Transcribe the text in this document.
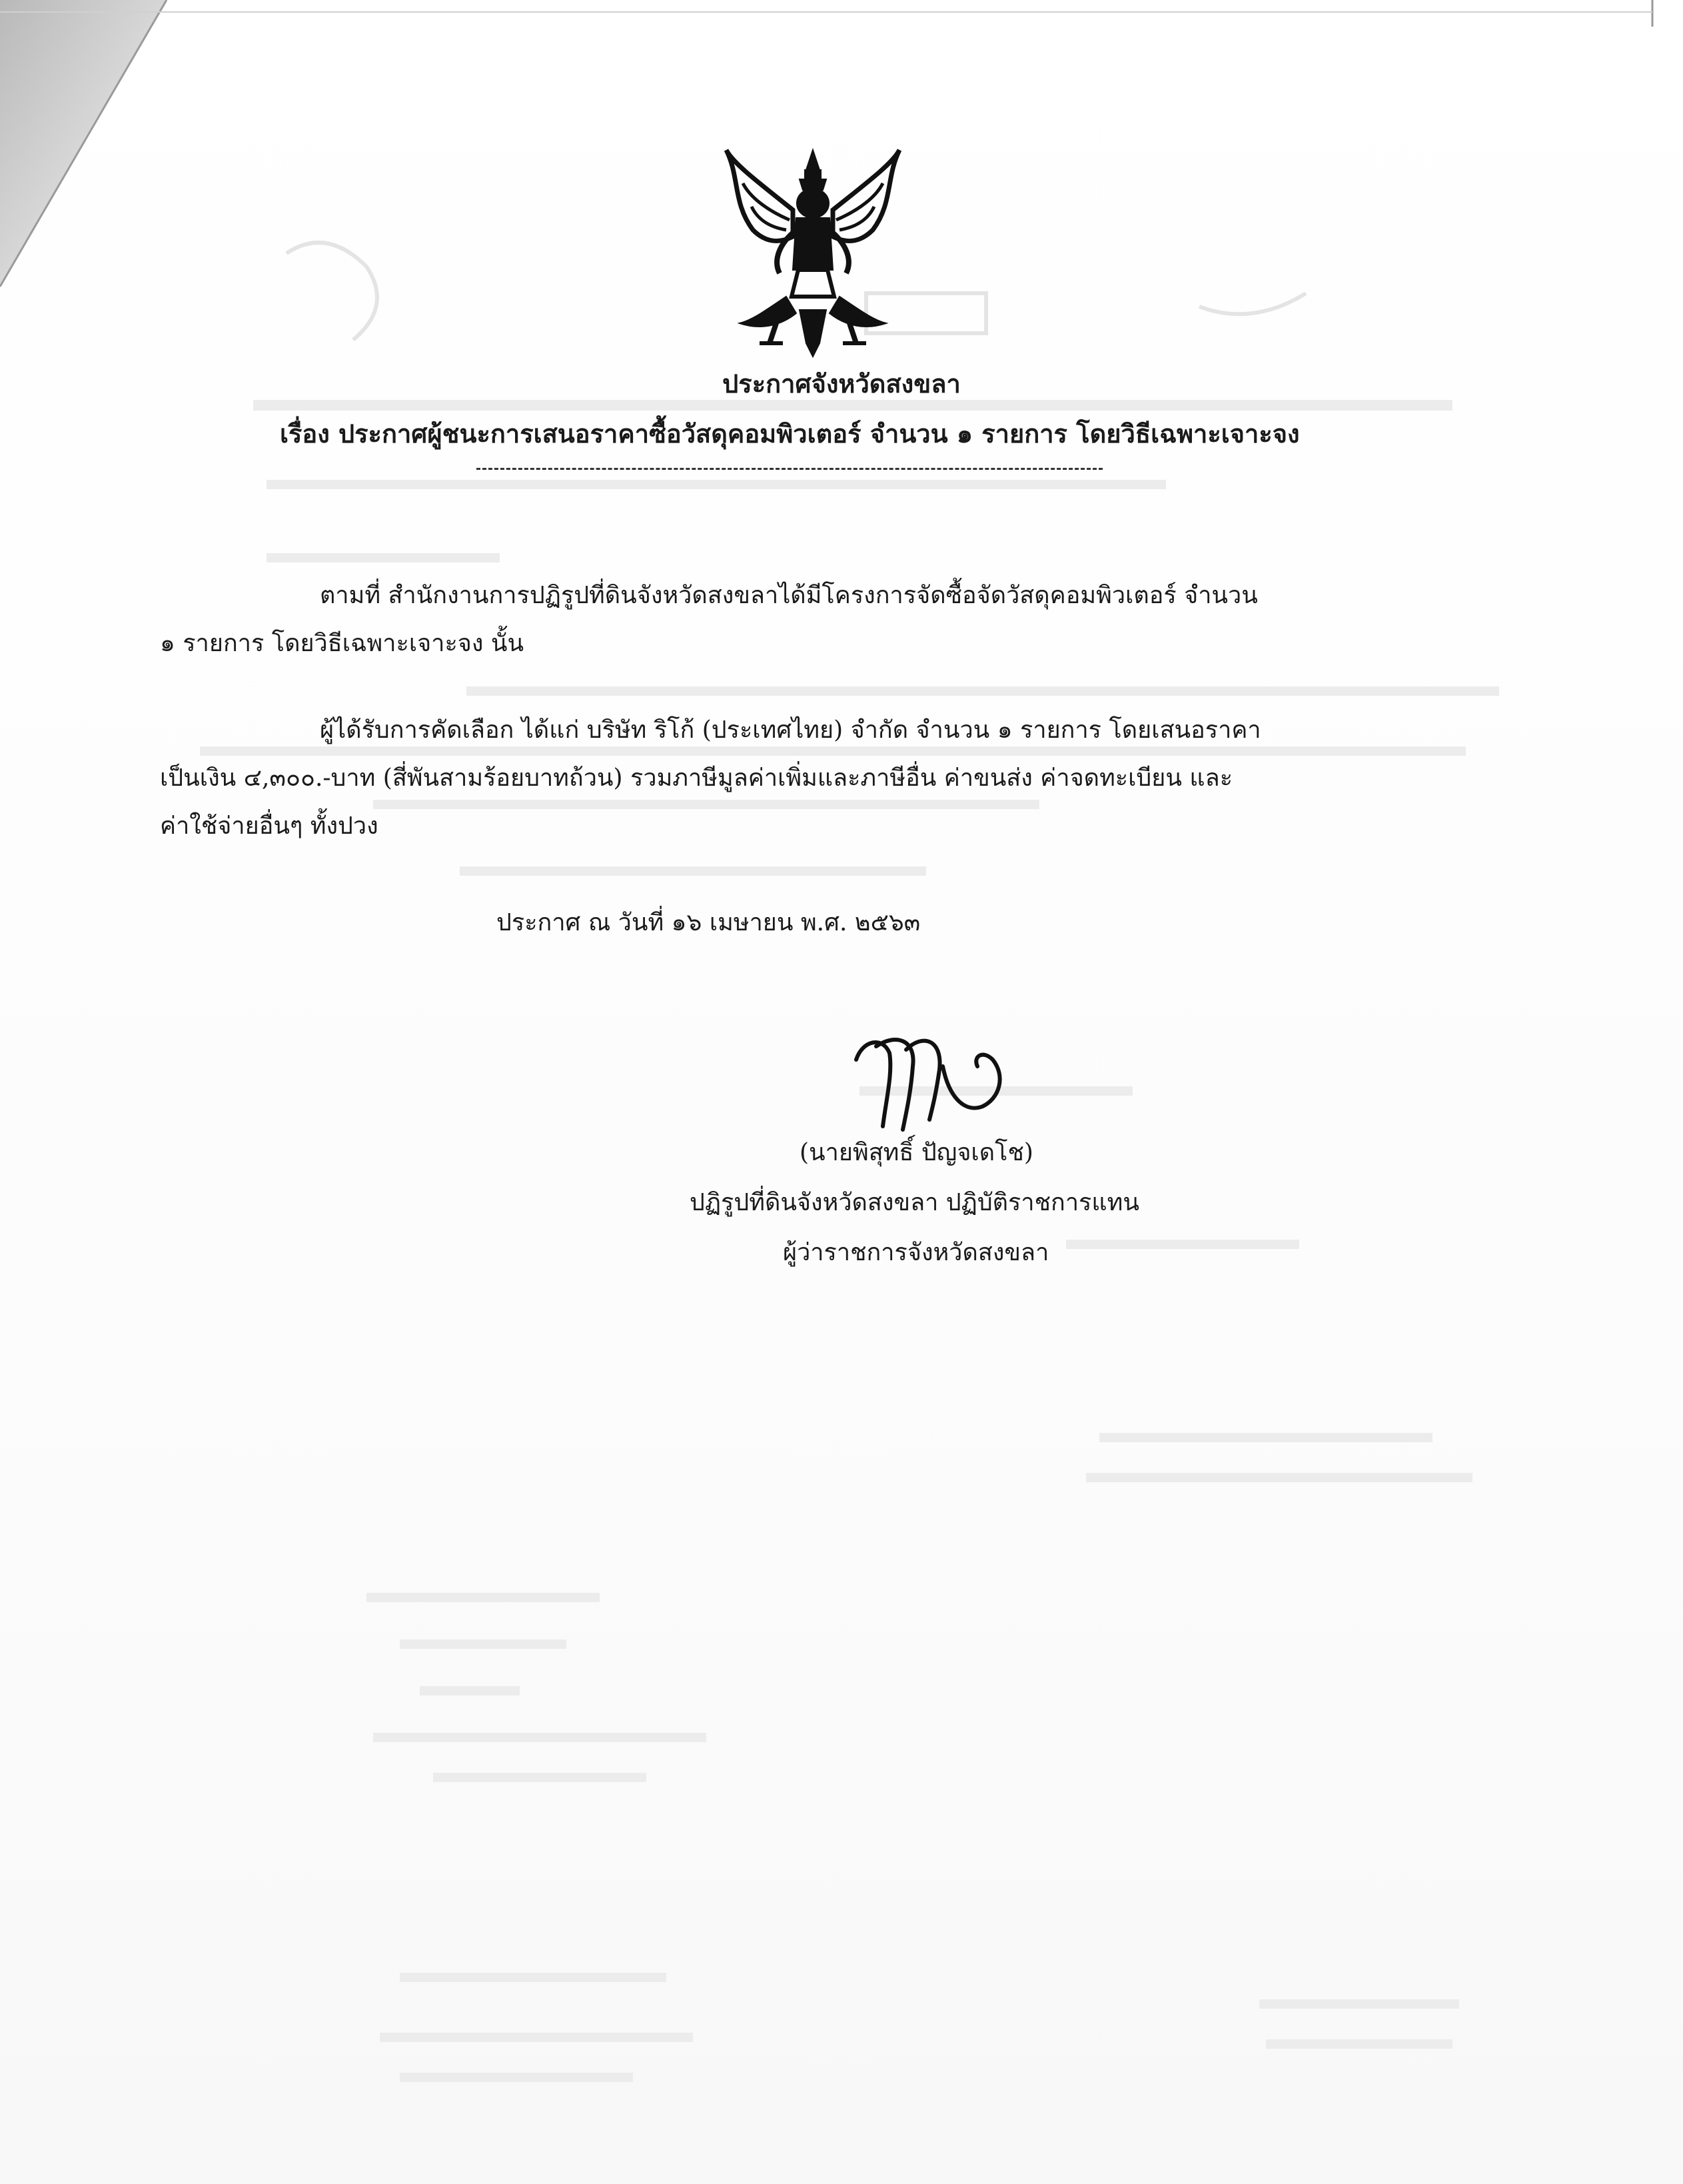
ประกาศจังหวัดสงขลา
เรื่อง ประกาศผู้ชนะการเสนอราคาซื้อวัสดุคอมพิวเตอร์ จำนวน ๑ รายการ โดยวิธีเฉพาะเจาะจง
ตามที่ สำนักงานการปฏิรูปที่ดินจังหวัดสงขลาได้มีโครงการจัดซื้อจัดวัสดุคอมพิวเตอร์ จำนวน
๑ รายการ โดยวิธีเฉพาะเจาะจง นั้น
ผู้ได้รับการคัดเลือก ได้แก่ บริษัท ริโก้ (ประเทศไทย) จำกัด จำนวน ๑ รายการ โดยเสนอราคา
เป็นเงิน ๔,๓๐๐.-บาท (สี่พันสามร้อยบาทถ้วน) รวมภาษีมูลค่าเพิ่มและภาษีอื่น ค่าขนส่ง ค่าจดทะเบียน และ
ค่าใช้จ่ายอื่นๆ ทั้งปวง
ประกาศ ณ วันที่ ๑๖ เมษายน พ.ศ. ๒๕๖๓
(นายพิสุทธิ์ ปัญจเดโช)
ปฏิรูปที่ดินจังหวัดสงขลา ปฏิบัติราชการแทน
ผู้ว่าราชการจังหวัดสงขลา
